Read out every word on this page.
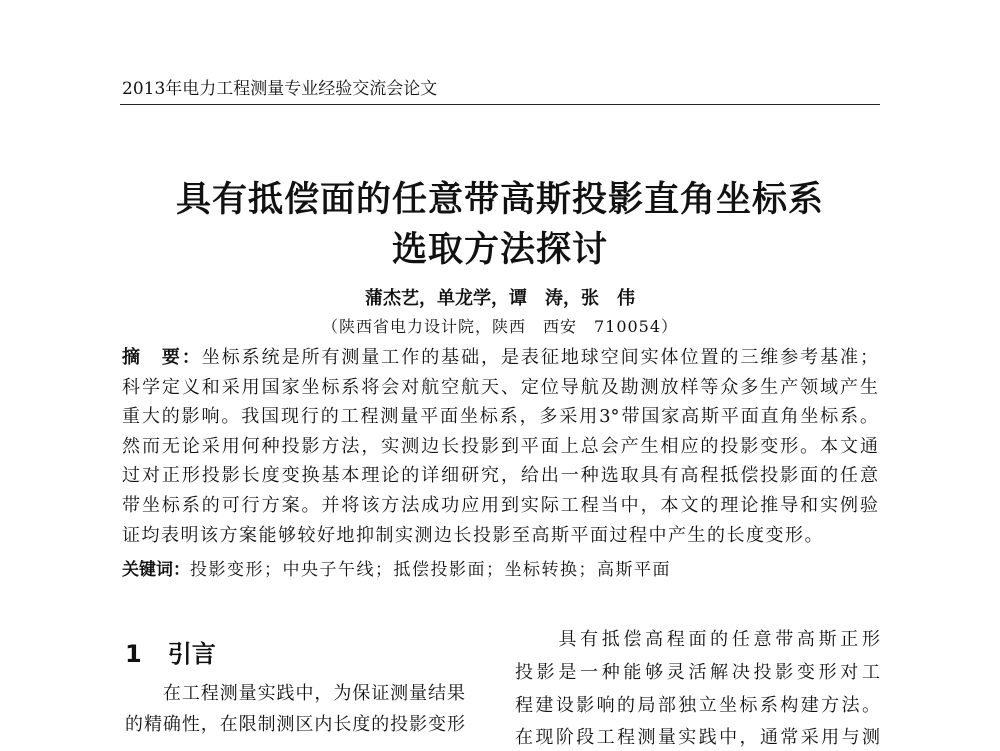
2013年电力工程测量专业经验交流会论文
具有抵偿面的任意带高斯投影直角坐标系
选取方法探讨
蒲杰艺，单龙学，谭　涛，张　伟
（陕西省电力设计院，陕西　西安　710054）
摘　要：坐标系统是所有测量工作的基础，是表征地球空间实体位置的三维参考基准；
科学定义和采用国家坐标系将会对航空航天、定位导航及勘测放样等众多生产领域产生
重大的影响。我国现行的工程测量平面坐标系，多采用3°带国家高斯平面直角坐标系。
然而无论采用何种投影方法，实测边长投影到平面上总会产生相应的投影变形。本文通
过对正形投影长度变换基本理论的详细研究，给出一种选取具有高程抵偿投影面的任意
带坐标系的可行方案。并将该方法成功应用到实际工程当中，本文的理论推导和实例验
证均表明该方案能够较好地抑制实测边长投影至高斯平面过程中产生的长度变形。
关键词：投影变形；中央子午线；抵偿投影面；坐标转换；高斯平面
1 引言
　　在工程测量实践中，为保证测量结果
的精确性，在限制测区内长度的投影变形
　　具有抵偿高程面的任意带高斯正形
投影是一种能够灵活解决投影变形对工
程建设影响的局部独立坐标系构建方法。
在现阶段工程测量实践中，通常采用与测
